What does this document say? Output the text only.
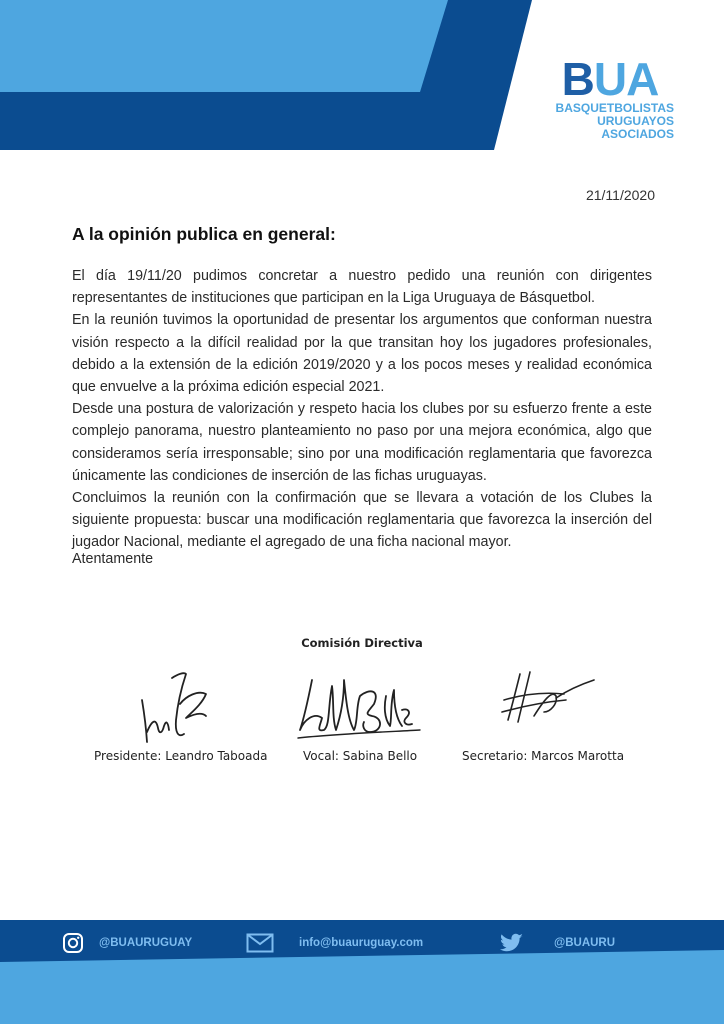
BUA
BASQUETBOLISTAS
URUGUAYOS
ASOCIADOS
21/11/2020
A la opinión publica en general:

El día 19/11/20 pudimos concretar a nuestro pedido una reunión con dirigentes representantes de instituciones que participan en la Liga Uruguaya de Básquetbol.

En la reunión tuvimos la oportunidad de presentar los argumentos que conforman nuestra visión respecto a la difícil realidad por la que transitan hoy los jugadores profesionales, debido a la extensión de la edición 2019/2020 y a los pocos meses y realidad económica que envuelve a la próxima edición especial 2021.

Desde una postura de valorización y respeto hacia los clubes por su esfuerzo frente a este complejo panorama, nuestro planteamiento no paso por una mejora económica, algo que consideramos sería irresponsable; sino por una modificación reglamentaria que favorezca únicamente las condiciones de inserción de las fichas uruguayas.

Concluimos la reunión con la confirmación que se llevara a votación de los Clubes la siguiente propuesta: buscar una modificación reglamentaria que favorezca la inserción del jugador Nacional, mediante el agregado de una ficha nacional mayor.

Atentamente
Comisión Directiva
Presidente: Leandro Taboada	Vocal: Sabina Bello	Secretario: Marcos Marotta
@BUAURUGUAY	info@buauruguay.com	@BUAURU
